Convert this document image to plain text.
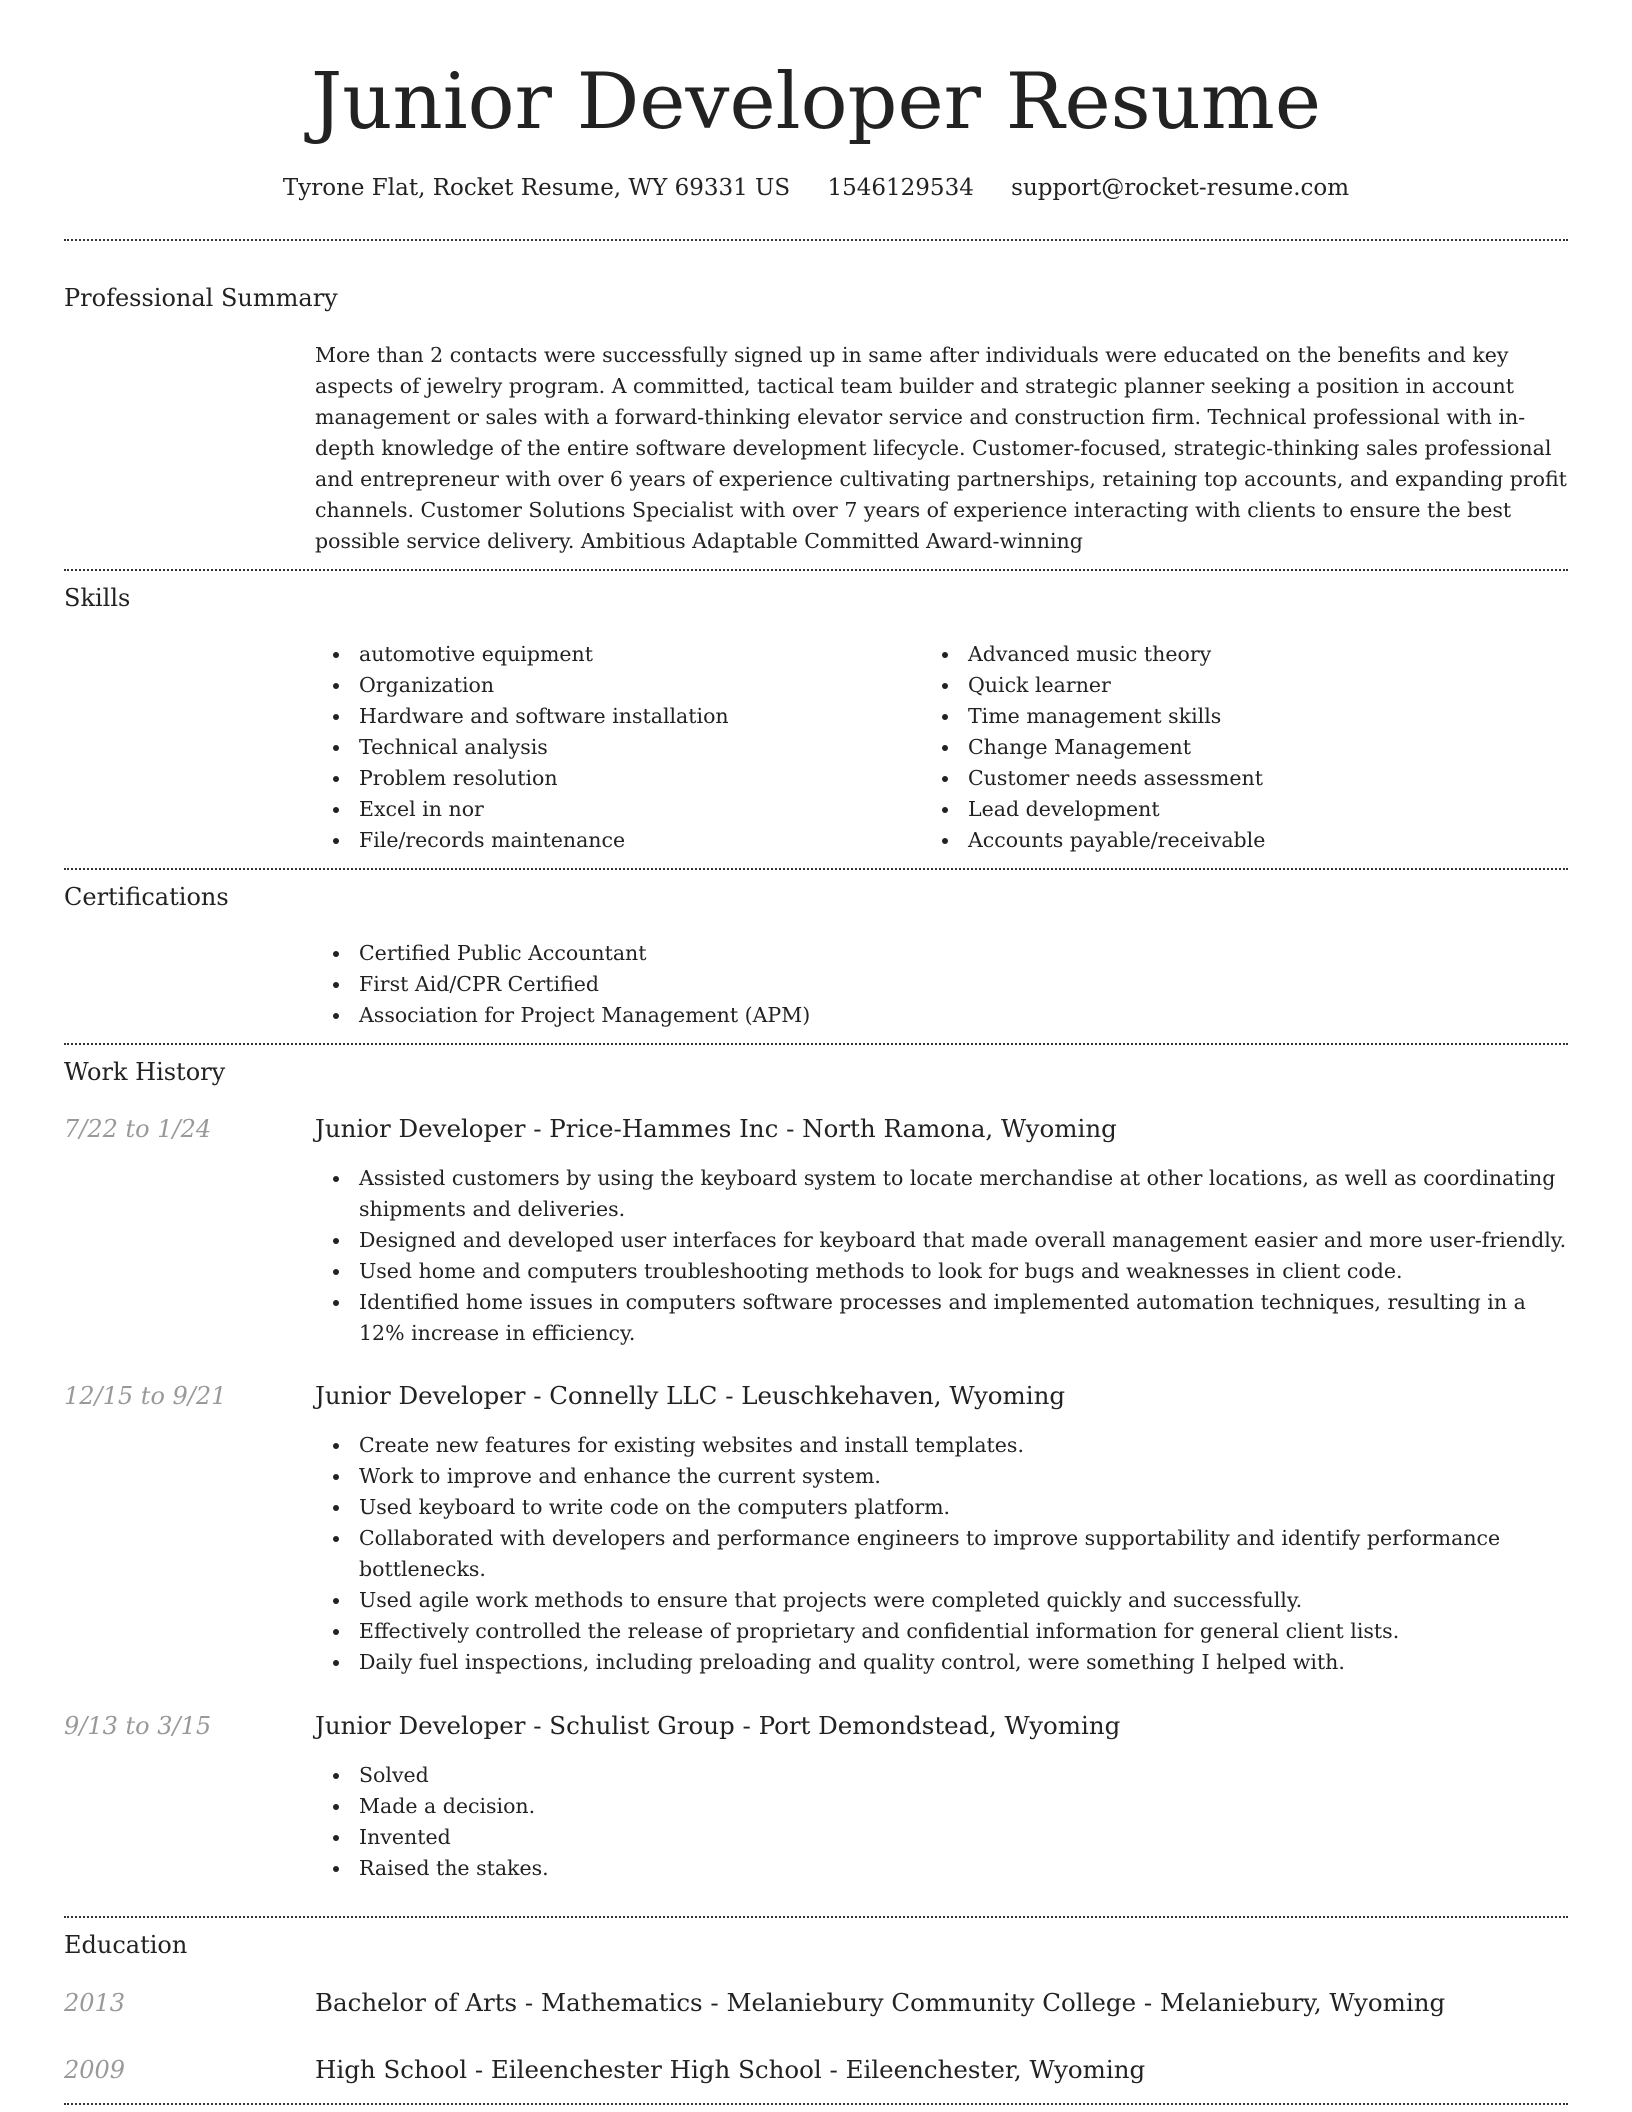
Junior Developer Resume
Tyrone Flat, Rocket Resume, WY 69331 US 1546129534 support@rocket-resume.com
Professional Summary

More than 2 contacts were successfully signed up in same after individuals were educated on the benefits and key aspects of jewelry program. A committed, tactical team builder and strategic planner seeking a position in account management or sales with a forward-thinking elevator service and construction firm. Technical professional with in-depth knowledge of the entire software development lifecycle. Customer-focused, strategic-thinking sales professional and entrepreneur with over 6 years of experience cultivating partnerships, retaining top accounts, and expanding profit channels. Customer Solutions Specialist with over 7 years of experience interacting with clients to ensure the best possible service delivery. Ambitious Adaptable Committed Award-winning

Skills
automotive equipment
Organization
Hardware and software installation
Technical analysis
Problem resolution
Excel in nor
File/records maintenance
Advanced music theory
Quick learner
Time management skills
Change Management
Customer needs assessment
Lead development
Accounts payable/receivable
Certifications
Certified Public Accountant
First Aid/CPR Certified
Association for Project Management (APM)
Work History
7/22 to 1/24	Junior Developer - Price-Hammes Inc - North Ramona, Wyoming
Assisted customers by using the keyboard system to locate merchandise at other locations, as well as coordinating shipments and deliveries.
Designed and developed user interfaces for keyboard that made overall management easier and more user-friendly.
Used home and computers troubleshooting methods to look for bugs and weaknesses in client code.
Identified home issues in computers software processes and implemented automation techniques, resulting in a 12% increase in efficiency.
12/15 to 9/21	Junior Developer - Connelly LLC - Leuschkehaven, Wyoming
Create new features for existing websites and install templates.
Work to improve and enhance the current system.
Used keyboard to write code on the computers platform.
Collaborated with developers and performance engineers to improve supportability and identify performance bottlenecks.
Used agile work methods to ensure that projects were completed quickly and successfully.
Effectively controlled the release of proprietary and confidential information for general client lists.
Daily fuel inspections, including preloading and quality control, were something I helped with.
9/13 to 3/15	Junior Developer - Schulist Group - Port Demondstead, Wyoming
Solved
Made a decision.
Invented
Raised the stakes.
Education
2013	Bachelor of Arts - Mathematics - Melaniebury Community College - Melaniebury, Wyoming
2009	High School - Eileenchester High School - Eileenchester, Wyoming
